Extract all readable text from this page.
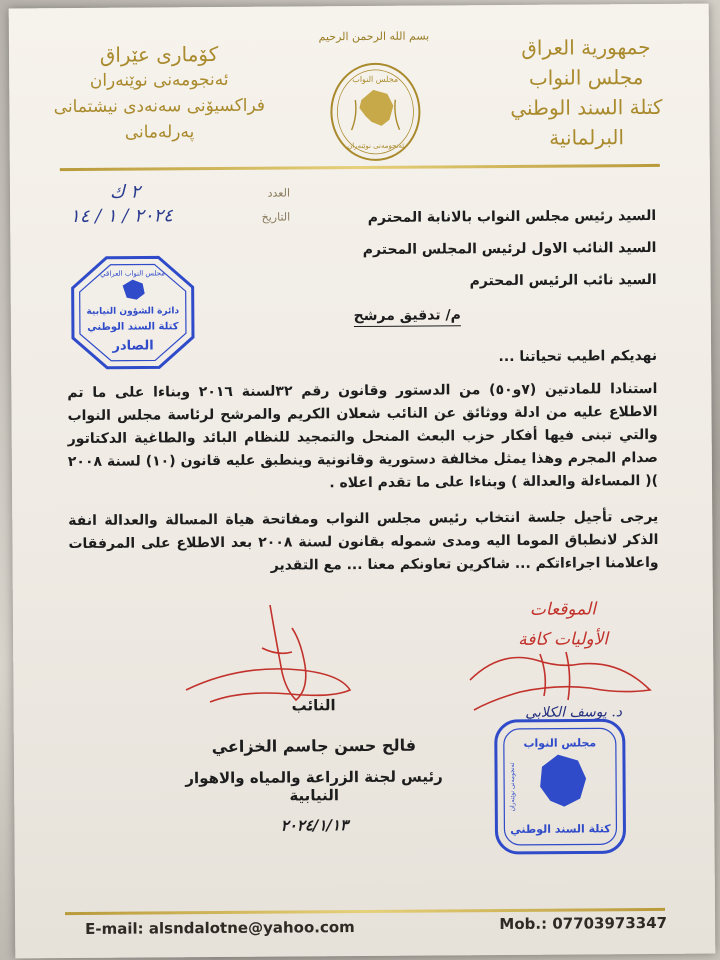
جمهورية العراق
مجلس النواب
كتلة السند الوطني
البرلمانية
كۆماری عێراق
ئەنجومەنی نوێنەران
فراکسیۆنی سەنەدی نیشتمانی
پەرلەمانی
بسم الله الرحمن الرحيم
مجلس النواب
ئەنجومەنی نوێنەران
العدد
٢ ك
التاريخ
٢٠٢٤ / ١ / ١٤	السيد رئيس مجلس النواب بالانابة المحترم
السيد النائب الاول لرئيس المجلس المحترم
السيد نائب الرئيس المحترم
مجلس النواب العراقي
دائرة الشؤون النيابية
كتلة السند الوطني
الصادر
م/ تدقيق مرشح
نهديكم اطيب تحياتنا ...
استنادا للمادتين (٧و٥٠) من الدستور وقانون رقم ٣٢لسنة ٢٠١٦ وبناءا على ما تم الاطلاع عليه من ادلة ووثائق عن النائب شعلان الكريم والمرشح لرئاسة مجلس النواب والتي تبنى فيها أفكار حزب البعث المنحل والتمجيد للنظام البائد والطاغية الدكتاتور صدام المجرم وهذا يمثل مخالفة دستورية وقانونية وينطبق عليه قانون (١٠) لسنة ٢٠٠٨ )( المساءلة والعدالة ) وبناءا على ما تقدم اعلاه .
يرجى تأجيل جلسة انتخاب رئيس مجلس النواب ومفاتحة هياة المسالة والعدالة انفة الذكر لانطباق الموما اليه ومدى شموله بقانون لسنة ٢٠٠٨ بعد الاطلاع على المرفقات واعلامنا اجراءاتكم ... شاكرين تعاونكم معنا ... مع التقدير
الموقعات
الأوليات كافة
د. يوسف الكلابي
النائب
فالح حسن جاسم الخزاعي
رئيس لجنة الزراعة والمياه والاهوار النيابية
٢٠٢٤/١/١٣
مجلس النواب
ئەنجومەنی نوێنەران
كتلة السند الوطني
E-mail: alsndalotne@yahoo.com	Mob.: 07703973347
